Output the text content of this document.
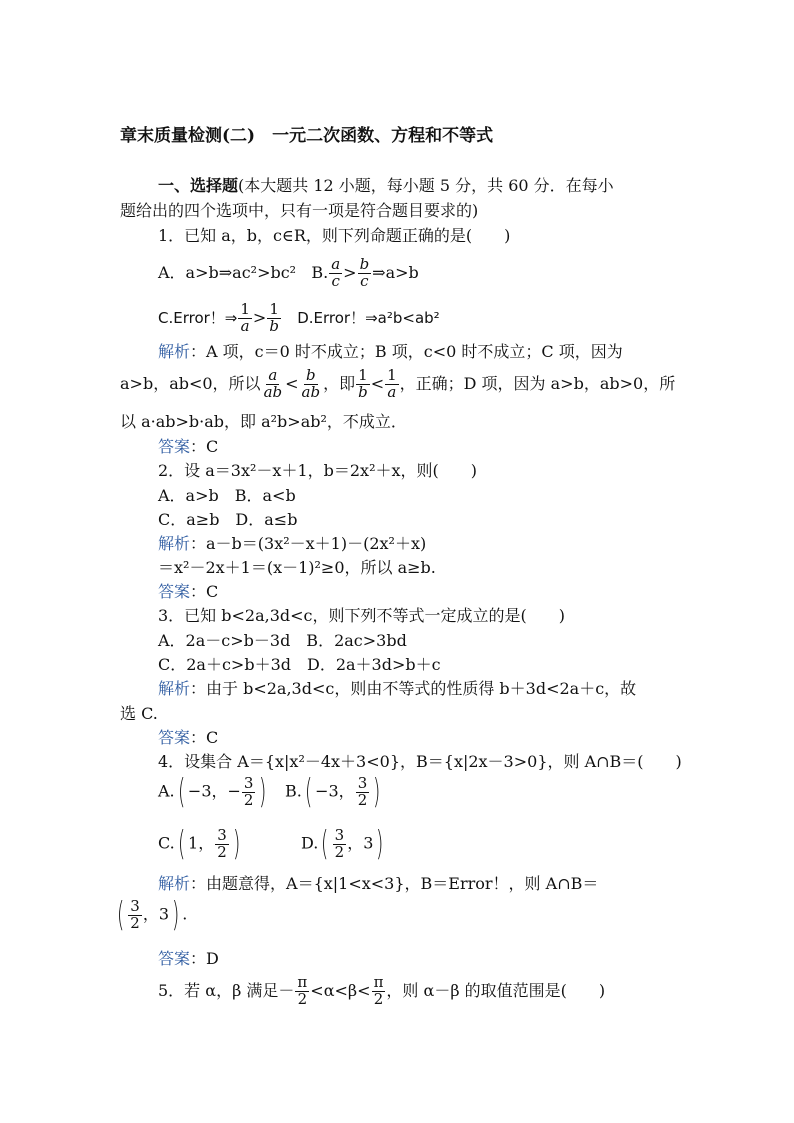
章末质量检测(二)　一元二次函数、方程和不等式
一、选择题(本大题共 12 小题，每小题 5 分，共 60 分．在每小
题给出的四个选项中，只有一项是符合题目要求的)
1．已知 a，b，c∈R，则下列命题正确的是(　　)
A．a>b⇒ac²>bc² B. $\frac{a}{c} > \frac{b}{c}$ ⇒a>b
C.Error！⇒ $\frac{1}{a} > \frac{1}{b}$ D.Error！⇒a²b<ab²
解析：A 项，c＝0 时不成立；B 项，c<0 时不成立；C 项，因为
a>b，ab<0，所以 $\frac{a}{ab} < \frac{b}{ab}$ ，即 $\frac{1}{b} < \frac{1}{a}$ ，正确；D 项，因为 a>b，ab>0，所
以 a·ab>b·ab，即 a²b>ab²，不成立．
答案：C
2．设 a＝3x²－x＋1，b＝2x²＋x，则(　　)
A．a>b　B．a<b
C．a≥b　D．a≤b
解析：a－b＝(3x²－x＋1)－(2x²＋x)
＝x²－2x＋1＝(x－1)²≥0，所以 a≥b.
答案：C
3．已知 b<2a,3d<c，则下列不等式一定成立的是(　　)
A．2a－c>b－3d　B．2ac>3bd
C．2a＋c>b＋3d　D．2a＋3d>b＋c
解析：由于 b<2a,3d<c，则由不等式的性质得 b＋3d<2a＋c，故
选 C.
答案：C
4．设集合 A＝{x|x²－4x＋3<0}，B＝{x|2x－3>0}，则 A∩B＝(　　)
A.( −3，− $\frac{3}{2}$ ) B.( −3， $\frac{3}{2}$ )
C.( 1， $\frac{3}{2}$ )	$D.( \frac{3}{2}$ ，3)
解析：由题意得，A＝{x|1<x<3}，B＝Error！，则 A∩B＝
( $\frac{3}{2}$ ，3) .
答案：D
5．若 α，β 满足－ $\frac{\pi}{2} <\alpha<\beta< \frac{\pi}{2}$ ，则 α－β 的取值范围是(　　)
